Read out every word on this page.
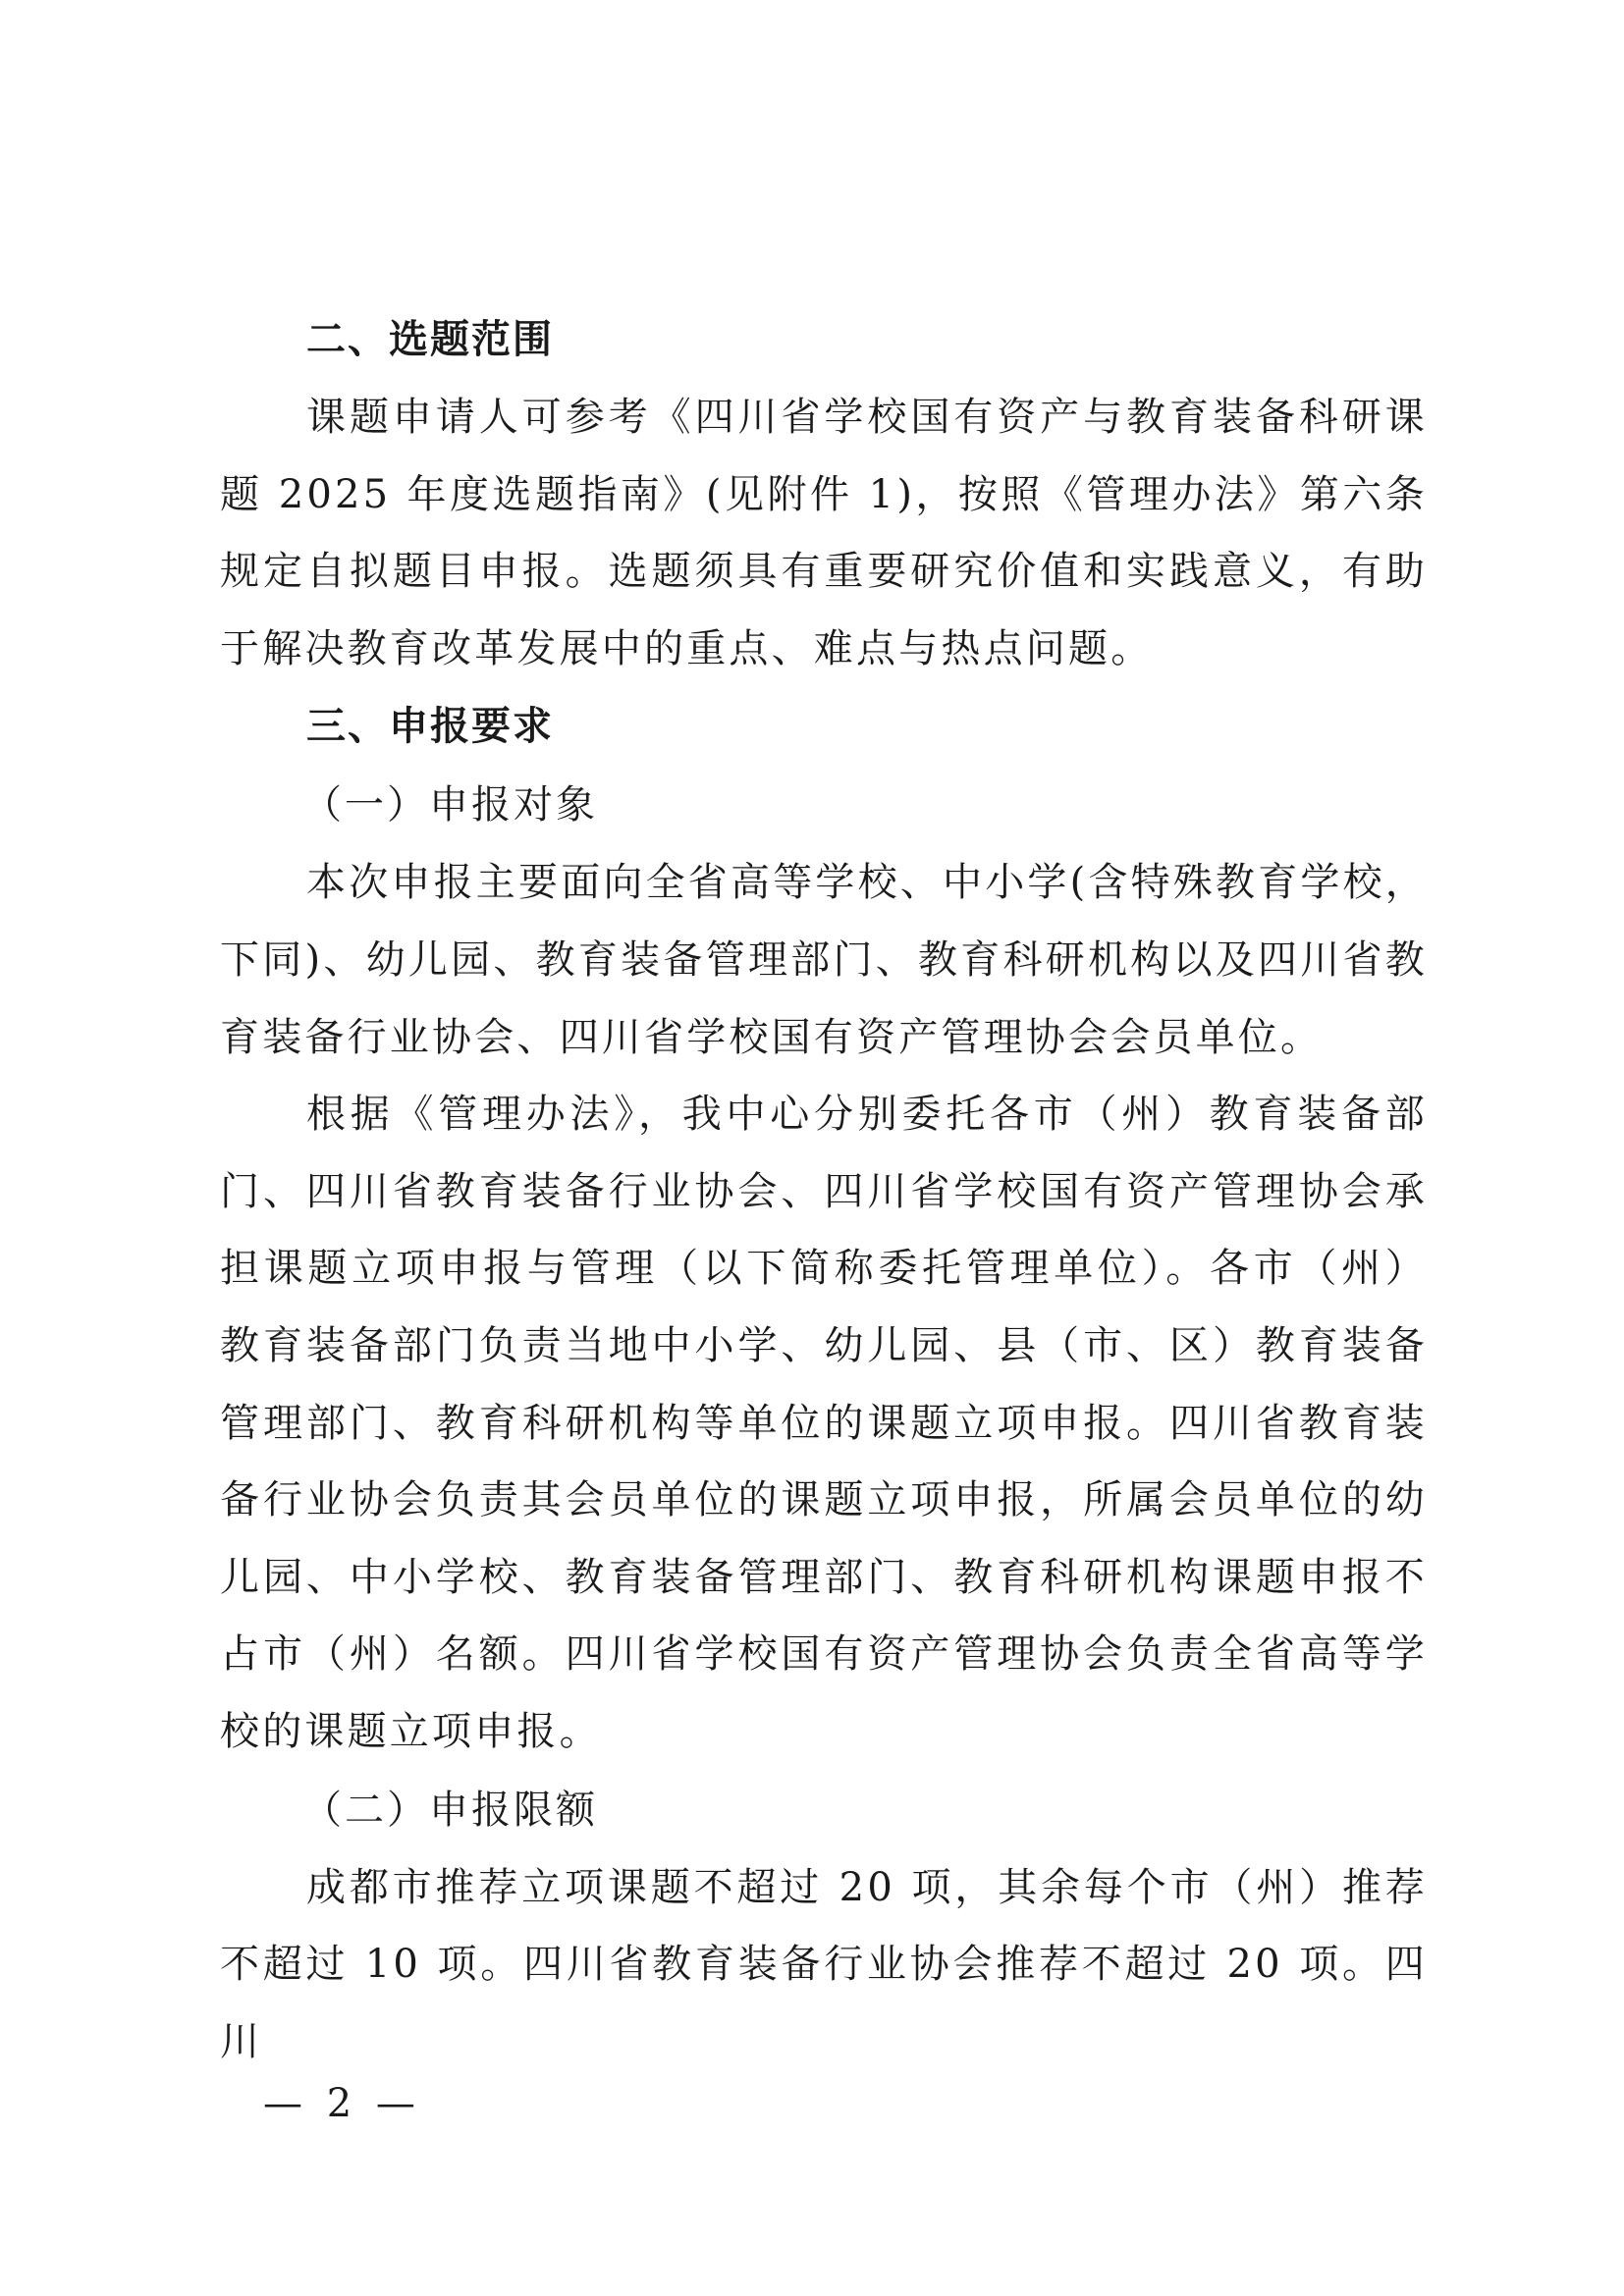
二、选题范围

课题申请人可参考《四川省学校国有资产与教育装备科研课题 2025 年度选题指南》(见附件 1)，按照《管理办法》第六条规定自拟题目申报。选题须具有重要研究价值和实践意义，有助于解决教育改革发展中的重点、难点与热点问题。

三、申报要求

（一）申报对象

本次申报主要面向全省高等学校、中小学(含特殊教育学校，下同)、幼儿园、教育装备管理部门、教育科研机构以及四川省教育装备行业协会、四川省学校国有资产管理协会会员单位。

根据《管理办法》，我中心分别委托各市（州）教育装备部门、四川省教育装备行业协会、四川省学校国有资产管理协会承担课题立项申报与管理（以下简称委托管理单位）。各市（州）教育装备部门负责当地中小学、幼儿园、县（市、区）教育装备管理部门、教育科研机构等单位的课题立项申报。四川省教育装备行业协会负责其会员单位的课题立项申报，所属会员单位的幼儿园、中小学校、教育装备管理部门、教育科研机构课题申报不占市（州）名额。四川省学校国有资产管理协会负责全省高等学校的课题立项申报。

（二）申报限额

成都市推荐立项课题不超过 20 项，其余每个市（州）推荐不超过 10 项。四川省教育装备行业协会推荐不超过 20 项。四川

— 2 —
